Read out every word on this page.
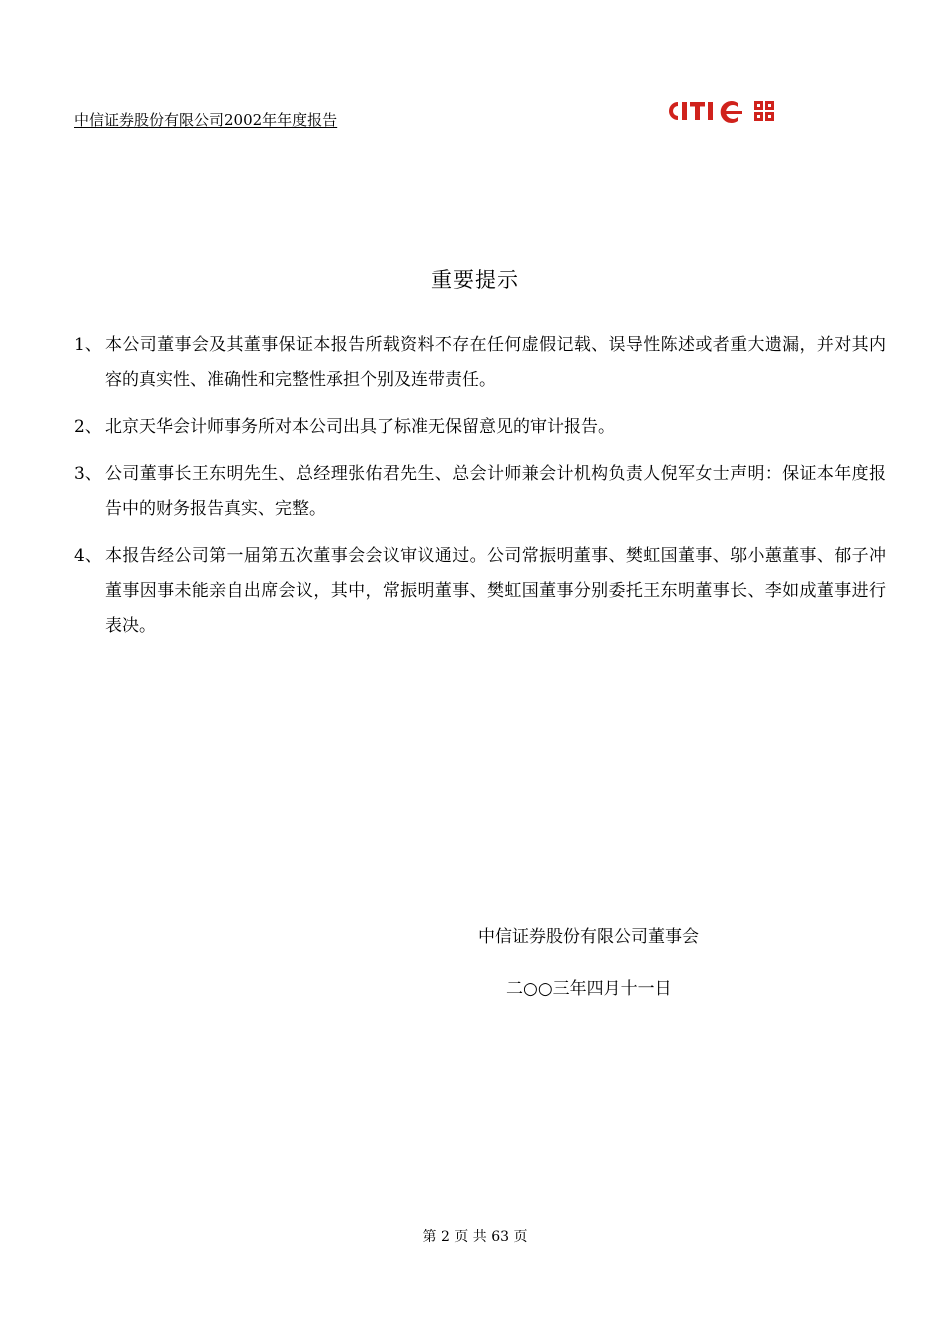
中信证券股份有限公司2002年年度报告
重要提示
1、 本公司董事会及其董事保证本报告所载资料不存在任何虚假记载、误导性陈述或者重大遗漏，并对其内容的真实性、准确性和完整性承担个别及连带责任。
2、 北京天华会计师事务所对本公司出具了标准无保留意见的审计报告。
3、 公司董事长王东明先生、总经理张佑君先生、总会计师兼会计机构负责人倪军女士声明：保证本年度报告中的财务报告真实、完整。
4、 本报告经公司第一届第五次董事会会议审议通过。公司常振明董事、樊虹国董事、邬小蕙董事、郁子冲董事因事未能亲自出席会议，其中，常振明董事、樊虹国董事分别委托王东明董事长、李如成董事进行表决。
中信证券股份有限公司董事会
二○○三年四月十一日
第 2 页 共 63 页
